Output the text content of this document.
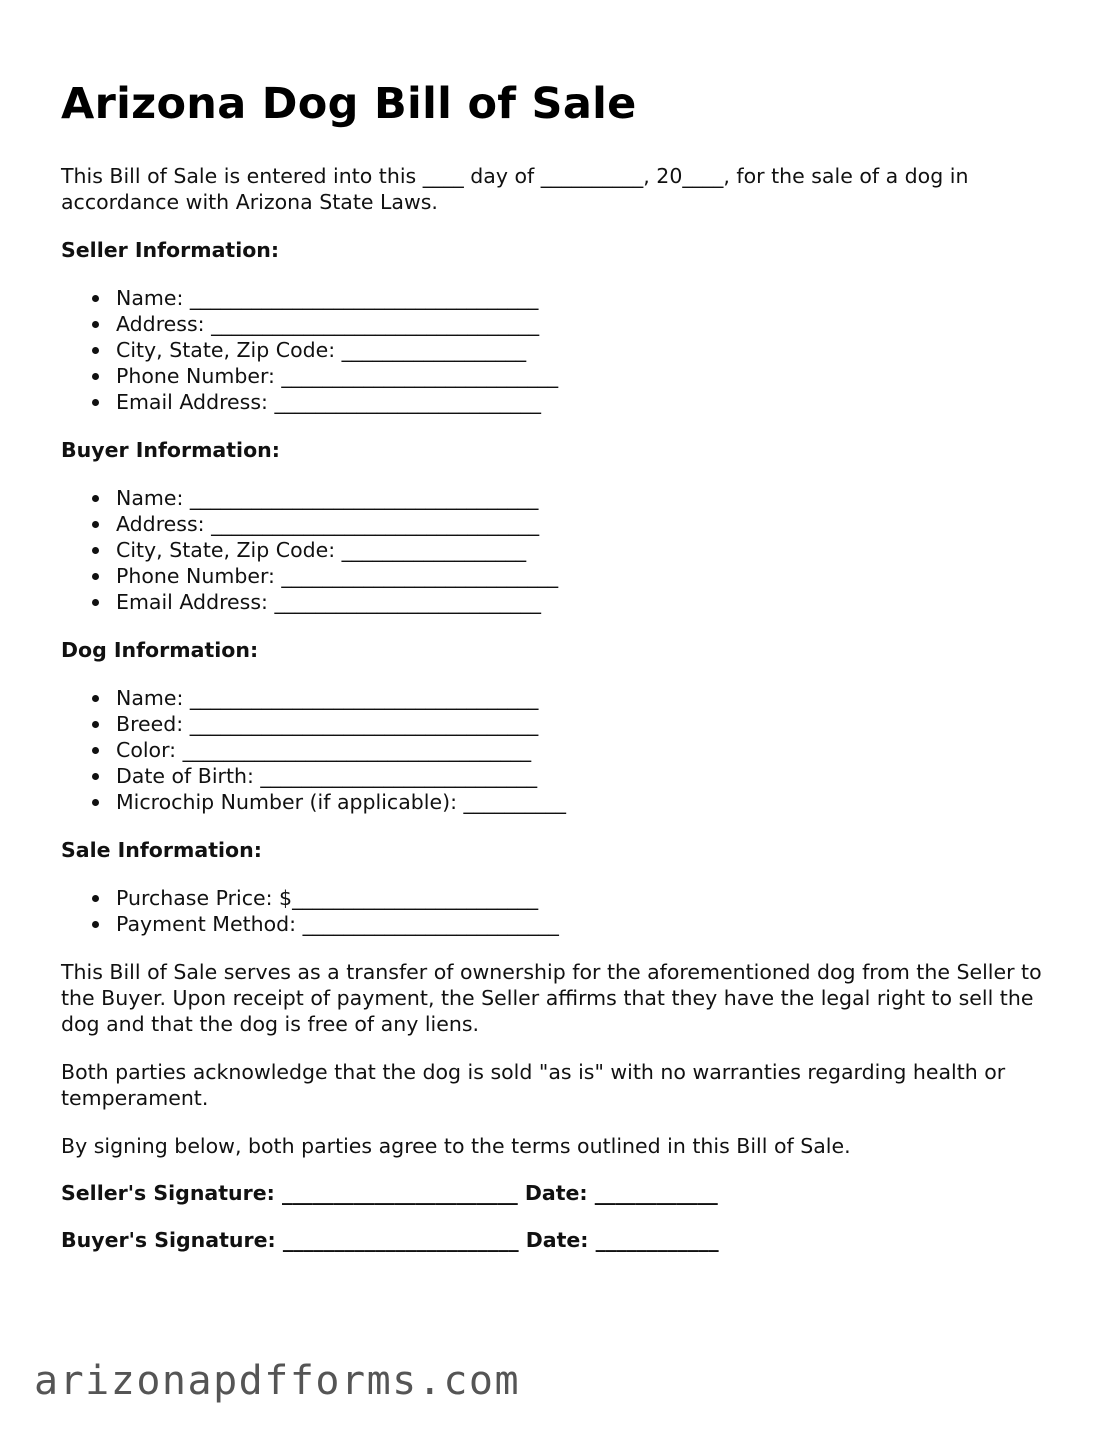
Arizona Dog Bill of Sale

This Bill of Sale is entered into this ____ day of __________, 20____, for the sale of a dog in accordance with Arizona State Laws.

Seller Information:
Name: __________________________________
Address: ________________________________
City, State, Zip Code: __________________
Phone Number: ___________________________
Email Address: __________________________
Buyer Information:
Name: __________________________________
Address: ________________________________
City, State, Zip Code: __________________
Phone Number: ___________________________
Email Address: __________________________
Dog Information:
Name: __________________________________
Breed: __________________________________
Color: __________________________________
Date of Birth: ___________________________
Microchip Number (if applicable): __________
Sale Information:
Purchase Price: $________________________
Payment Method: _________________________

This Bill of Sale serves as a transfer of ownership for the aforementioned dog from the Seller to the Buyer. Upon receipt of payment, the Seller affirms that they have the legal right to sell the dog and that the dog is free of any liens.

Both parties acknowledge that the dog is sold "as is" with no warranties regarding health or temperament.

By signing below, both parties agree to the terms outlined in this Bill of Sale.

Seller's Signature: _______________________ Date: ____________
Buyer's Signature: _______________________ Date: ____________
arizonapdfforms.com
